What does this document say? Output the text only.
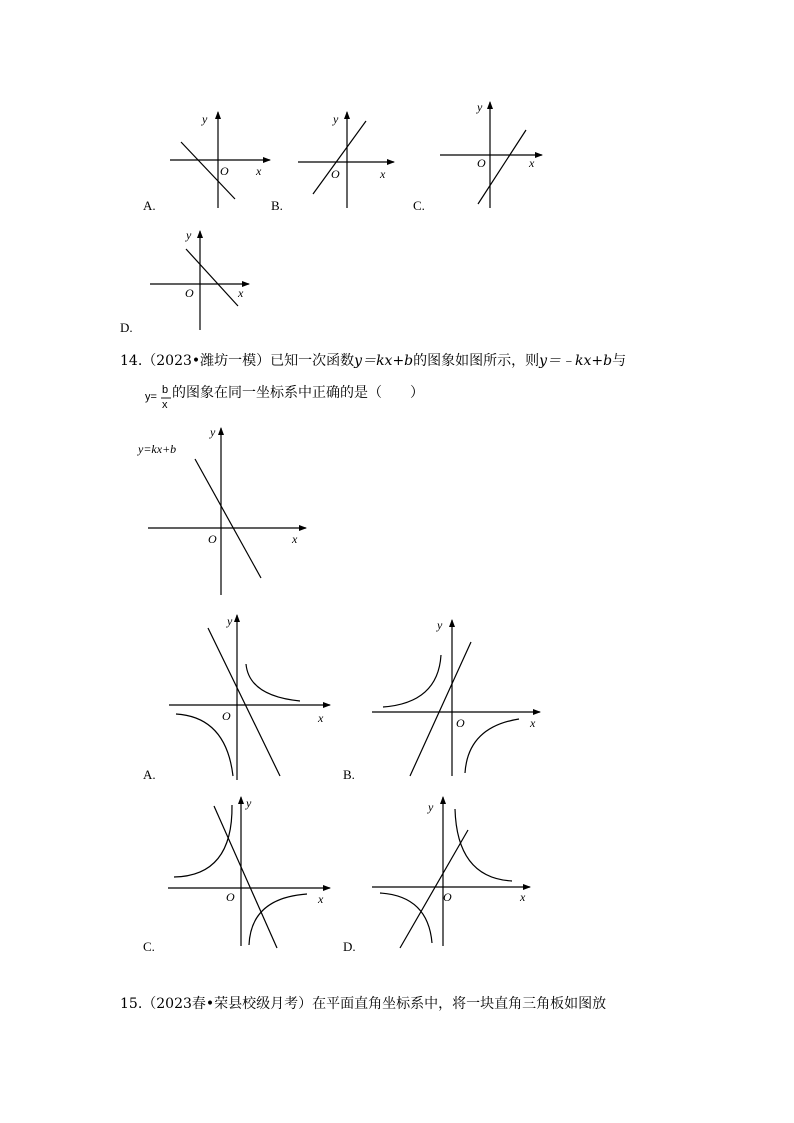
y
O x
y
O	x
y
O	x
y
O	x
A.	B.	C.
D.
14.（2023•潍坊一模）已知一次函数y＝kx+b的图象如图所示，则y＝﹣kx+b与
y=
b
x
的图象在同一坐标系中正确的是（　　）
y=kx+b
y
O	x
y
O	x
y
O	x
y
O	x
y
O	x
A.	B.
C.	D.
15.（2023春•荣县校级月考）在平面直角坐标系中，将一块直角三角板如图放
